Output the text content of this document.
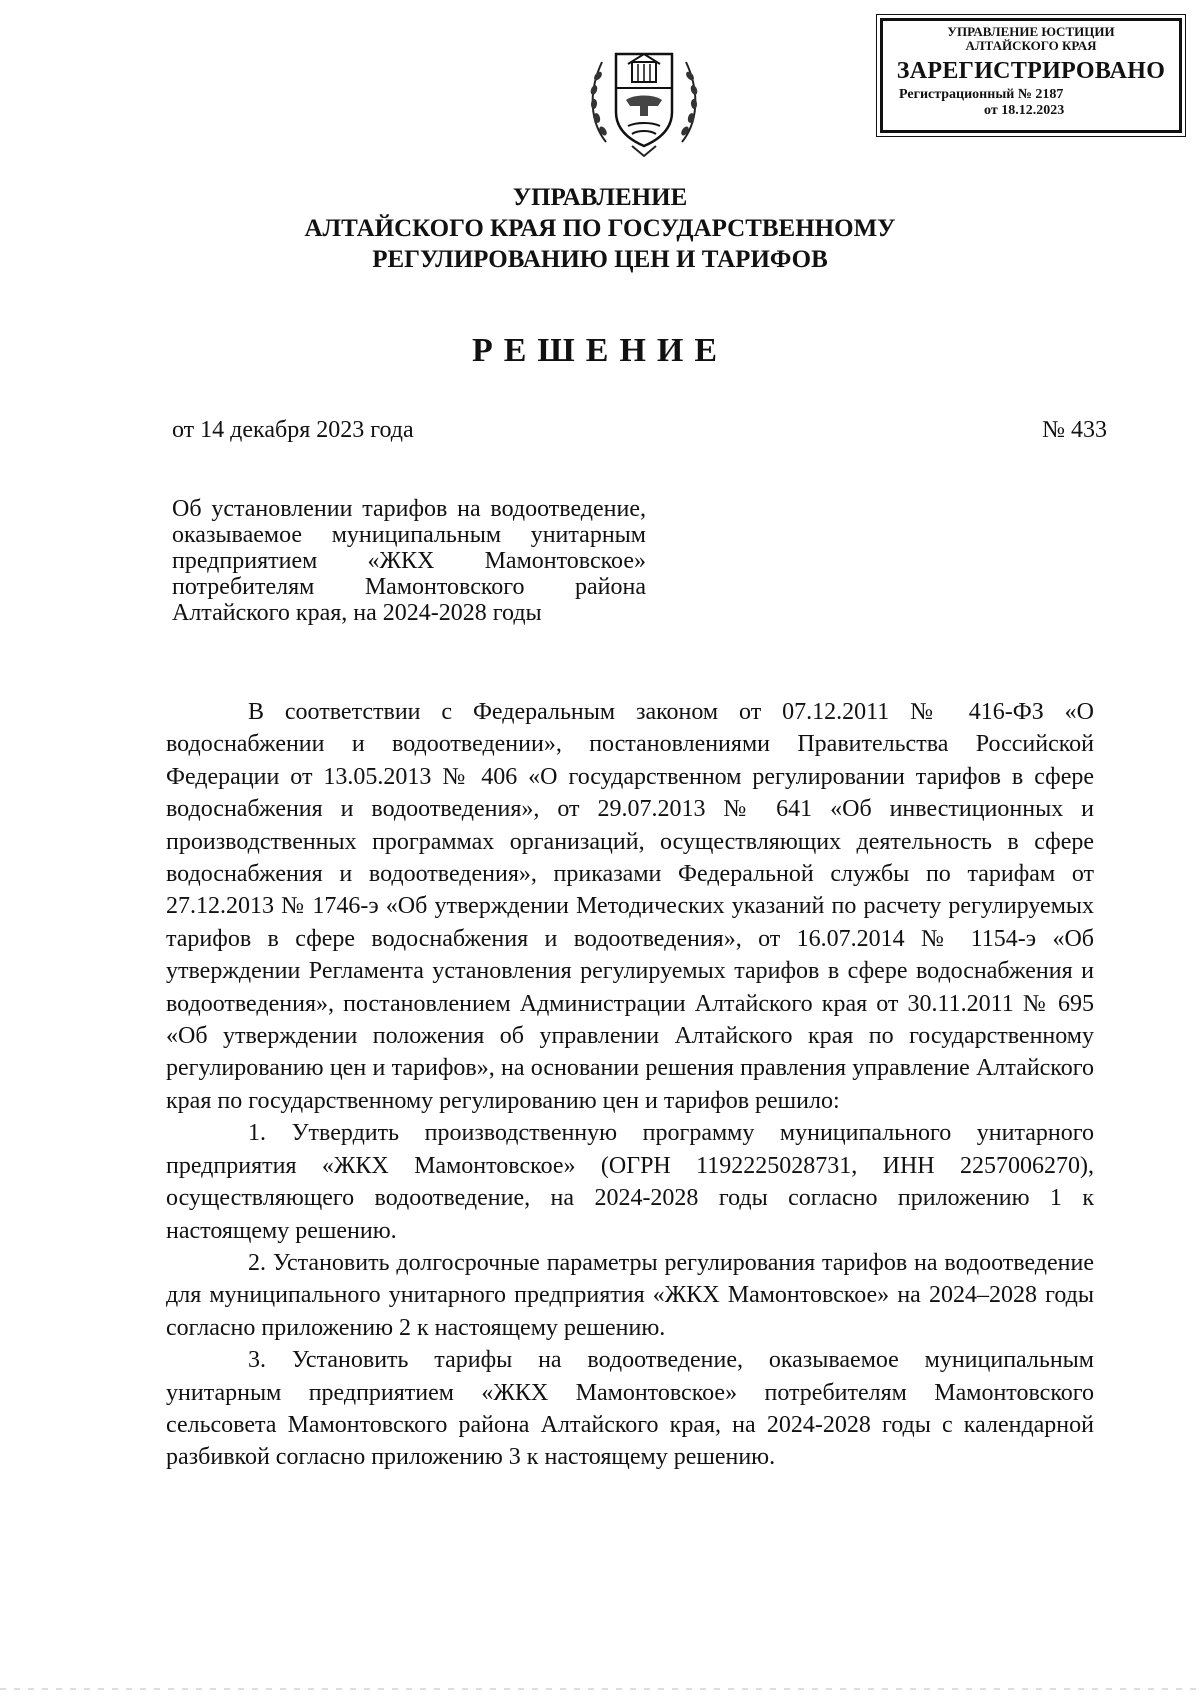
УПРАВЛЕНИЕ ЮСТИЦИИ
АЛТАЙСКОГО КРАЯ
ЗАРЕГИСТРИРОВАНО
Регистрационный № 2187
от 18.12.2023
УПРАВЛЕНИЕ
АЛТАЙСКОГО КРАЯ ПО ГОСУДАРСТВЕННОМУ
РЕГУЛИРОВАНИЮ ЦЕН И ТАРИФОВ
РЕШЕНИЕ
от 14 декабря 2023 года	№ 433
Об установлении тарифов на водоотведение, оказываемое муниципальным унитарным предприятием «ЖКХ Мамонтовское» потребителям Мамонтовского района Алтайского края, на 2024-2028 годы

В соответствии с Федеральным законом от 07.12.2011 № 416-ФЗ «О водоснабжении и водоотведении», постановлениями Правительства Российской Федерации от 13.05.2013 № 406 «О государственном регулировании тарифов в сфере водоснабжения и водоотведения», от 29.07.2013 № 641 «Об инвестиционных и производственных программах организаций, осуществляющих деятельность в сфере водоснабжения и водоотведения», приказами Федеральной службы по тарифам от 27.12.2013 № 1746-э «Об утверждении Методических указаний по расчету регулируемых тарифов в сфере водоснабжения и водоотведения», от 16.07.2014 № 1154-э «Об утверждении Регламента установления регулируемых тарифов в сфере водоснабжения и водоотведения», постановлением Администрации Алтайского края от 30.11.2011 № 695 «Об утверждении положения об управлении Алтайского края по государственному регулированию цен и тарифов», на основании решения правления управление Алтайского края по государственному регулированию цен и тарифов решило:

1. Утвердить производственную программу муниципального унитарного предприятия «ЖКХ Мамонтовское» (ОГРН 1192225028731, ИНН 2257006270), осуществляющего водоотведение, на 2024-2028 годы согласно приложению 1 к настоящему решению.

2. Установить долгосрочные параметры регулирования тарифов на водоотведение для муниципального унитарного предприятия «ЖКХ Мамонтовское» на 2024–2028 годы согласно приложению 2 к настоящему решению.

3. Установить тарифы на водоотведение, оказываемое муниципальным унитарным предприятием «ЖКХ Мамонтовское» потребителям Мамонтовского сельсовета Мамонтовского района Алтайского края, на 2024-2028 годы с календарной разбивкой согласно приложению 3 к настоящему решению.
